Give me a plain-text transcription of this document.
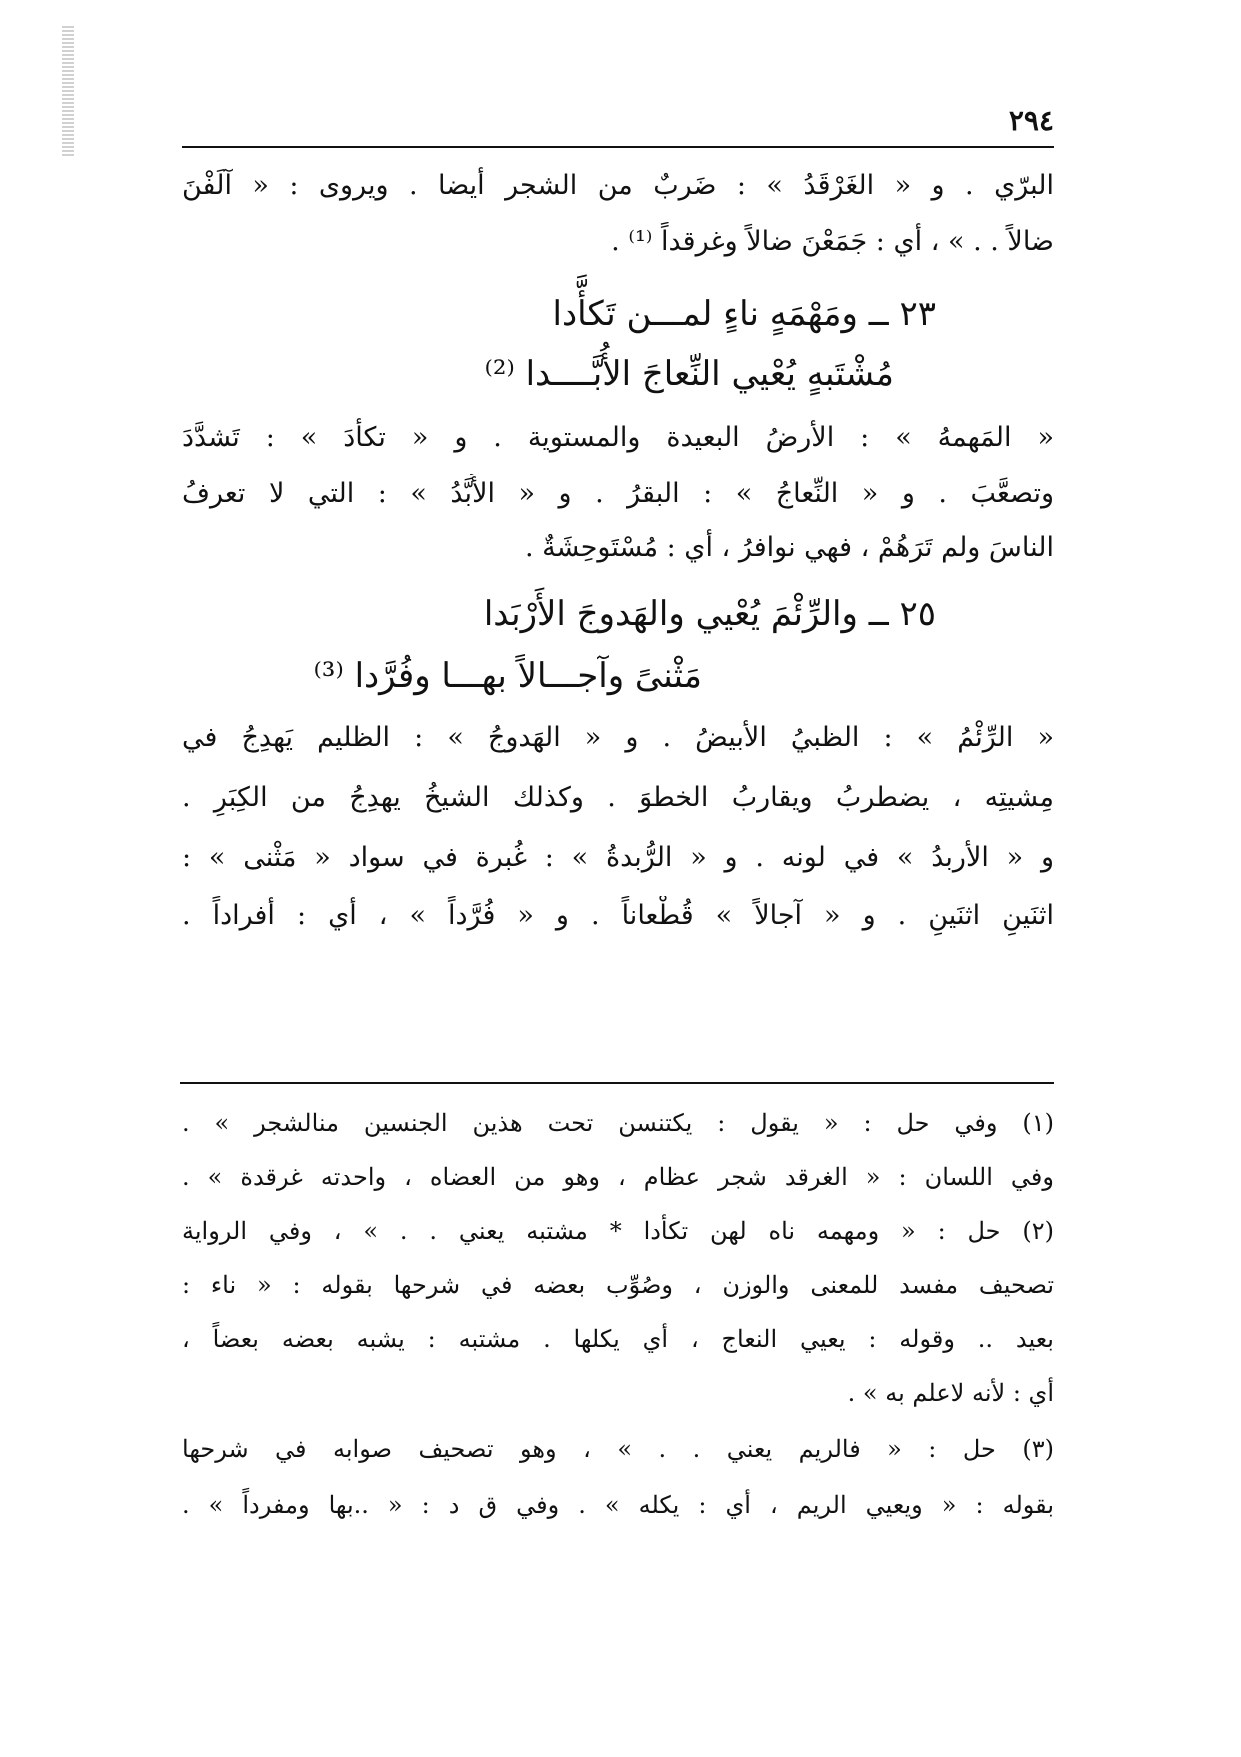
٢٩٤
البرّي . و « الغَرْقَدُ » : ضَربٌ من الشجر أيضا . ويروى : « آلَفْنَ
ضالاً . . » ، أي : جَمَعْنَ ضالاً وغرقداً ⁽¹⁾ .
٢٣ ــ ومَهْمَهٍ ناءٍ لمـــن تَكأَّدا
مُشْتَبهٍ يُعْيي النِّعاجَ الأُبَّــــدا ⁽²⁾
« المَهمهُ » : الأرضُ البعيدة والمستوية . و « تكأدَ » : تَشدَّدَ
وتصعَّبَ . و « النِّعاجُ » : البقرُ . و « الأُبَّدُ » : التي لا تعرفُ
الناسَ ولم تَرَهُمْ ، فهي نوافرُ ، أي : مُسْتَوحِشَةٌ .
٢٥ ــ والرِّئْمَ يُعْيي والهَدوجَ الأَرْبَدا
مَثْنىً وآجـــالاً بهـــا وفُرَّدا ⁽³⁾
« الرِّئْمُ » : الظبيُ الأبيضُ . و « الهَدوجُ » : الظليم يَهدِجُ في
مِشيتِه ، يضطربُ ويقاربُ الخطوَ . وكذلك الشيخُ يهدِجُ من الكِبَرِ .
و « الأربدُ » في لونه . و « الرُّبدةُ » : غُبرة في سواد « مَثْنى » :
اثنَينِ اثنَينِ . و « آجالاً » قُطْعاناً . و « فُرَّداً » ، أي : أفراداً .
(١) وفي حل : « يقول : يكتنسن تحت هذين الجنسين منالشجر » .
وفي اللسان : « الغرقد شجر عظام ، وهو من العضاه ، واحدته غرقدة » .
(٢) حل : « ومهمه ناه لهن تكأدا * مشتبه يعني . . » ، وفي الرواية
تصحيف مفسد للمعنى والوزن ، وصُوِّب بعضه في شرحها بقوله : « ناء :
بعيد .. وقوله : يعيي النعاج ، أي يكلها . مشتبه : يشبه بعضه بعضاً ،
أي : لأنه لاعلم به » .
(٣) حل : « فالريم يعني . . » ، وهو تصحيف صوابه في شرحها
بقوله : « ويعيي الريم ، أي : يكله » . وفي ق د : « ..بها ومفرداً » .
